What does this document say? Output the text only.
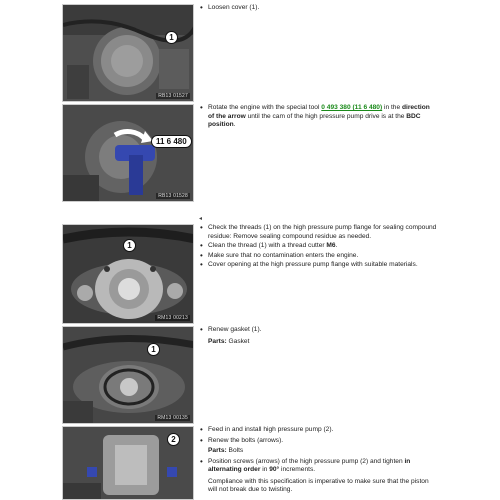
1
RB13 01527

• Loosen cover (1).

11 6 480
RB13 01528

• Rotate the engine with the special tool 0 493 380 (11 6 480) in the direction of the arrow until the cam of the high pressure pump drive is at the BDC position.

◂
1
RM13 00213

• Check the threads (1) on the high pressure pump flange for sealing compound residue: Remove sealing compound residue as needed.

• Clean the thread (1) with a thread cutter M6.

• Make sure that no contamination enters the engine.

• Cover opening at the high pressure pump flange with suitable materials.

1
RM13 00135

• Renew gasket (1).

Parts: Gasket

2

• Feed in and install high pressure pump (2).

• Renew the bolts (arrows).

Parts: Bolts

• Position screws (arrows) of the high pressure pump (2) and tighten in alternating order in 90° increments.

Compliance with this specification is imperative to make sure that the piston will not break due to twisting.
